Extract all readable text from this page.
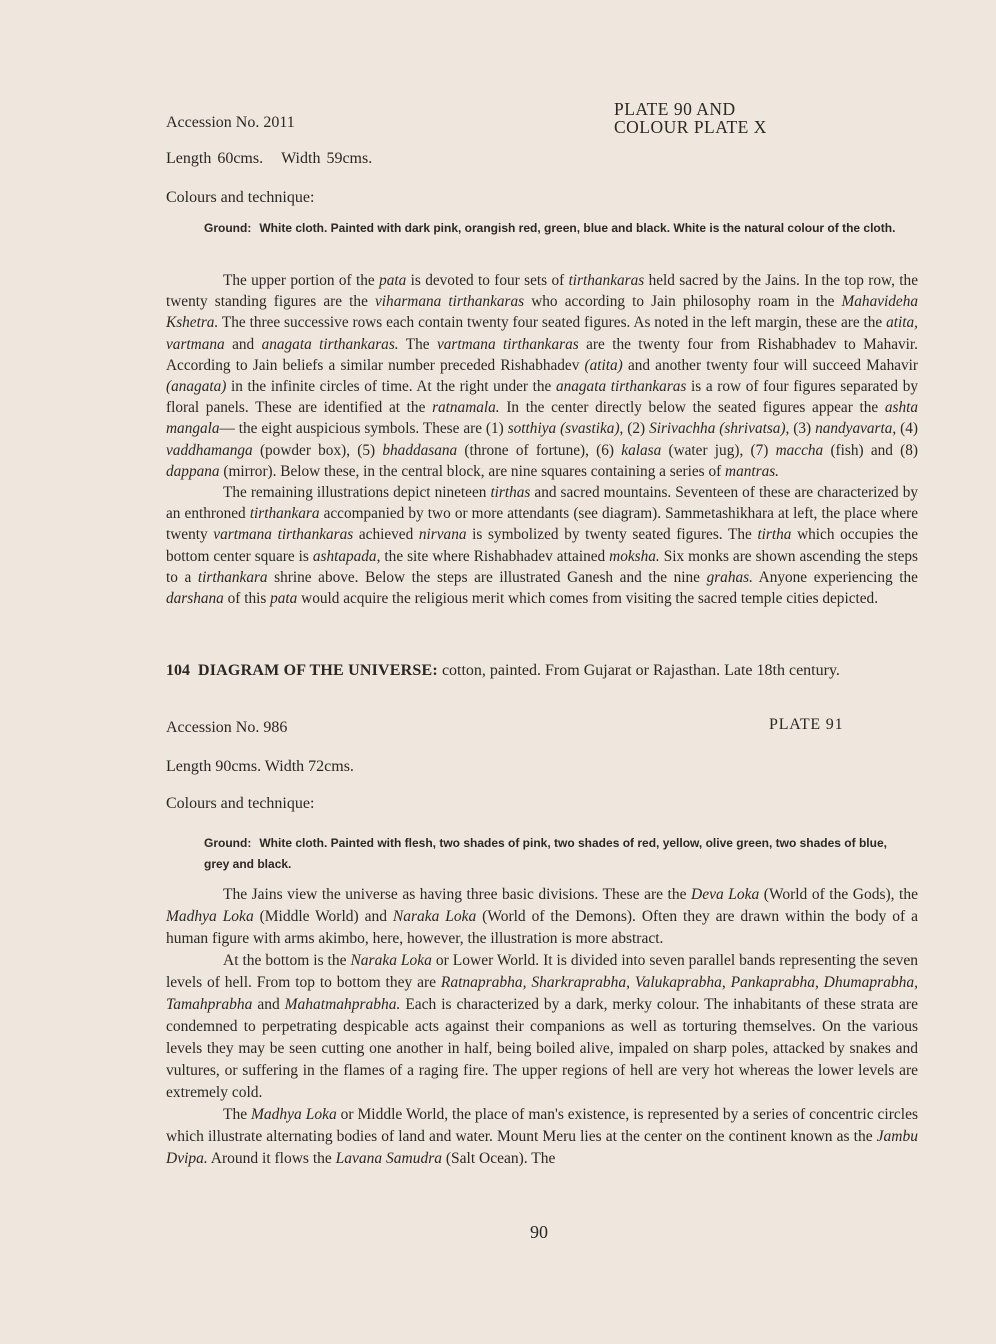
Accession No. 2011
PLATE 90 AND
COLOUR PLATE X
Length 60cms. Width 59cms.
Colours and technique:
Ground: White cloth. Painted with dark pink, orangish red, green, blue and black. White is the natural colour of the cloth.

The upper portion of the pata is devoted to four sets of tirthankaras held sacred by the Jains. In the top row, the twenty standing figures are the viharmana tirthankaras who according to Jain philosophy roam in the Mahavideha Kshetra. The three successive rows each contain twenty four seated figures. As noted in the left margin, these are the atita, vartmana and anagata tirthankaras. The vartmana tirthankaras are the twenty four from Rishabhadev to Mahavir. According to Jain beliefs a similar number preceded Rishabhadev (atita) and another twenty four will succeed Mahavir (anagata) in the infinite circles of time. At the right under the anagata tirthankaras is a row of four figures separated by floral panels. These are identified at the ratnamala. In the center directly below the seated figures appear the ashta mangala— the eight auspicious symbols. These are (1) sotthiya (svastika), (2) Sirivachha (shrivatsa), (3) nandyavarta, (4) vaddhamanga (powder box), (5) bhaddasana (throne of fortune), (6) kalasa (water jug), (7) maccha (fish) and (8) dappana (mirror). Below these, in the central block, are nine squares containing a series of mantras.

The remaining illustrations depict nineteen tirthas and sacred mountains. Seventeen of these are characterized by an enthroned tirthankara accompanied by two or more attendants (see diagram). Sammetashikhara at left, the place where twenty vartmana tirthankaras achieved nirvana is symbolized by twenty seated figures. The tirtha which occupies the bottom center square is ashtapada, the site where Rishabhadev attained moksha. Six monks are shown ascending the steps to a tirthankara shrine above. Below the steps are illustrated Ganesh and the nine grahas. Anyone experiencing the darshana of this pata would acquire the religious merit which comes from visiting the sacred temple cities depicted.

104 DIAGRAM OF THE UNIVERSE: cotton, painted. From Gujarat or Rajasthan. Late 18th century.
Accession No. 986	PLATE 91
Length 90cms. Width 72cms.
Colours and technique:
Ground: White cloth. Painted with flesh, two shades of pink, two shades of red, yellow, olive green, two shades of blue, grey and black.

The Jains view the universe as having three basic divisions. These are the Deva Loka (World of the Gods), the Madhya Loka (Middle World) and Naraka Loka (World of the Demons). Often they are drawn within the body of a human figure with arms akimbo, here, however, the illustration is more abstract.

At the bottom is the Naraka Loka or Lower World. It is divided into seven parallel bands representing the seven levels of hell. From top to bottom they are Ratnaprabha, Sharkraprabha, Valukaprabha, Pankaprabha, Dhumaprabha, Tamahprabha and Mahatmahprabha. Each is characterized by a dark, merky colour. The inhabitants of these strata are condemned to perpetrating despicable acts against their companions as well as torturing themselves. On the various levels they may be seen cutting one another in half, being boiled alive, impaled on sharp poles, attacked by snakes and vultures, or suffering in the flames of a raging fire. The upper regions of hell are very hot whereas the lower levels are extremely cold.

The Madhya Loka or Middle World, the place of man's existence, is represented by a series of concentric circles which illustrate alternating bodies of land and water. Mount Meru lies at the center on the continent known as the Jambu Dvipa. Around it flows the Lavana Samudra (Salt Ocean). The

90
